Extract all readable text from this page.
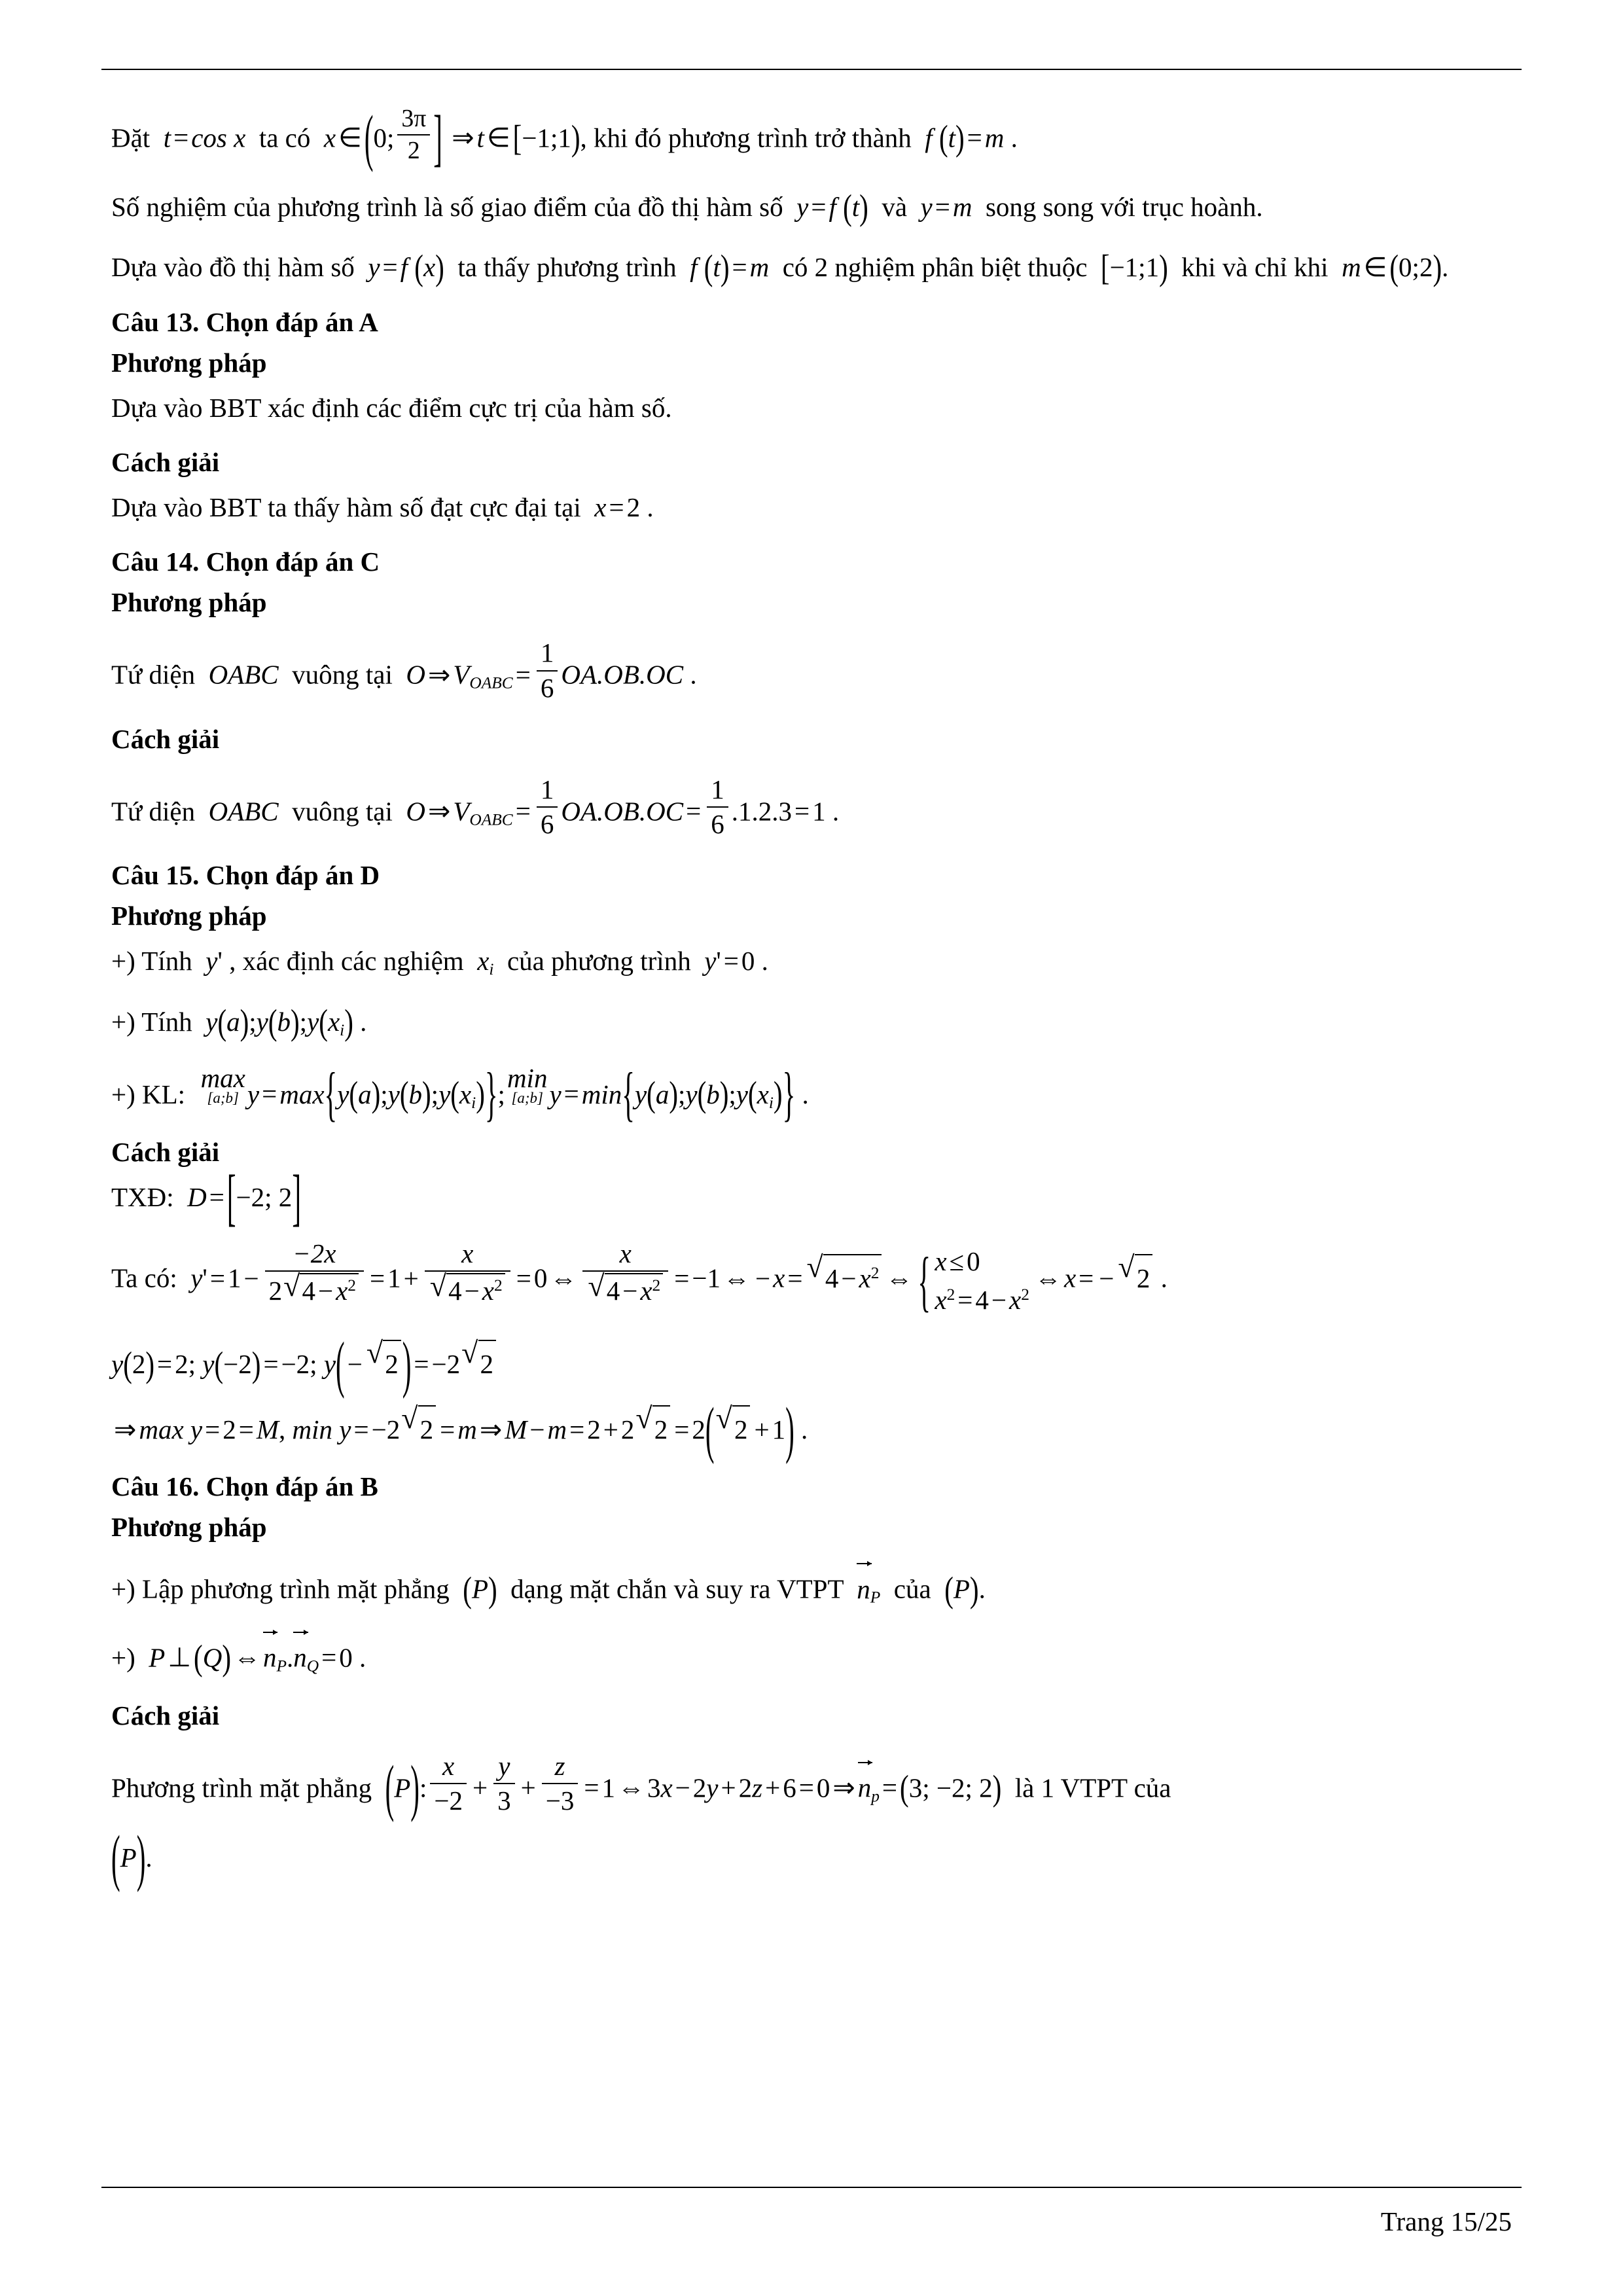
Đặt  t=cos x ta có x∈(0; $\frac{3\pi}{2}$ ] ⇒t∈[−1;1), khi đó phương trình trở thành f (t)=m .

Số nghiệm của phương trình là số giao điểm của đồ thị hàm số y=f (t) và y=m song song với trục hoành.

Dựa vào đồ thị hàm số y=f (x) ta thấy phương trình f (t)=m có 2 nghiệm phân biệt thuộc [−1;1) khi và chỉ khi m∈(0;2).

Câu 13. Chọn đáp án A

Phương pháp

Dựa vào BBT xác định các điểm cực trị của hàm số.

Cách giải

Dựa vào BBT ta thấy hàm số đạt cực đại tại x=2 .

Câu 14. Chọn đáp án C

Phương pháp

Tứ diện OABC vuông tại O⇒VOABC= $\frac{1}{6} OA.OB.OC$ .

Cách giải

Tứ diện OABC vuông tại O⇒VOABC= $\frac{1}{6} OA.OB.OC= \frac{1}{6} .1.2.3=1$ .

Câu 15. Chọn đáp án D

Phương pháp

+) Tính y' , xác định các nghiệm xi của phương trình y'=0 .

+) Tính y(a);y(b);y(xi) .

+) KL:
max
[a;b] y=max{y(a);y(b);y(xi)};
min
[a;b] y=min{y(a);y(b);y(xi)} .

Cách giải

TXĐ: D=[−2; 2]

Ta có: $y'=1- \frac{-2x}{2 √ 4-x^2} =1+ x$
√ $4-x^2$ =0⇔ x
√ $4-x^2$ =−1⇔ −x= √ $4-x^2$ ⇔
{ x≤0
$x^2=4-x^2$
⇔x= − √ 2 .

y(2)=2; y(−2)=−2; y(− √ 2 )=−2 √ 2

⇒max y=2=M, min y=−2 √ 2 =m⇒M−m=2+2 √ 2 =2( √ 2 +1) .

Câu 16. Chọn đáp án B

Phương pháp

+) Lập phương trình mặt phẳng (P) dạng mặt chắn và suy ra VTPT nP của (P).

+) P⊥(Q)⇔nP.nQ=0 .

Cách giải

Phương trình mặt phẳng (P): $\frac{x}{-2} + \frac{y}{3} + \frac{z}{-3}$ =1⇔3x−2y+2z+6=0⇒np=(3; −2; 2) là 1 VTPT của

(P).

Trang 15/25
